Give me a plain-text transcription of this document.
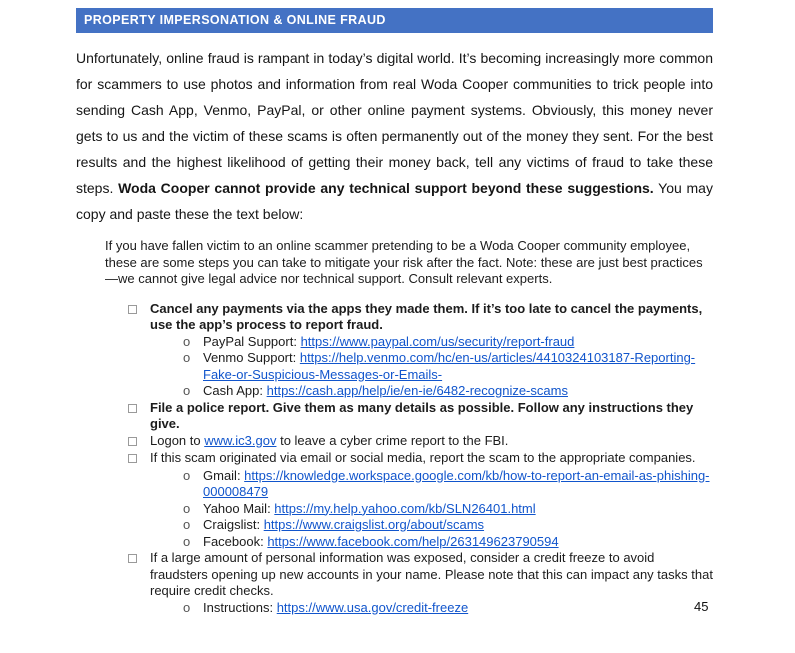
PROPERTY IMPERSONATION & ONLINE FRAUD
Unfortunately, online fraud is rampant in today’s digital world. It’s becoming increasingly more common for scammers to use photos and information from real Woda Cooper communities to trick people into sending Cash App, Venmo, PayPal, or other online payment systems. Obviously, this money never gets to us and the victim of these scams is often permanently out of the money they sent. For the best results and the highest likelihood of getting their money back, tell any victims of fraud to take these steps. Woda Cooper cannot provide any technical support beyond these suggestions. You may copy and paste these the text below:
If you have fallen victim to an online scammer pretending to be a Woda Cooper community employee, these are some steps you can take to mitigate your risk after the fact. Note: these are just best practices—we cannot give legal advice nor technical support. Consult relevant experts.
Cancel any payments via the apps they made them. If it’s too late to cancel the payments, use the app’s process to report fraud.
o PayPal Support: https://www.paypal.com/us/security/report-fraud
o Venmo Support: https://help.venmo.com/hc/en-us/articles/4410324103187-Reporting-Fake-or-Suspicious-Messages-or-Emails-
o Cash App: https://cash.app/help/ie/en-ie/6482-recognize-scams
File a police report. Give them as many details as possible. Follow any instructions they give.
Logon to www.ic3.gov to leave a cyber crime report to the FBI.
If this scam originated via email or social media, report the scam to the appropriate companies.
o Gmail: https://knowledge.workspace.google.com/kb/how-to-report-an-email-as-phishing-000008479
o Yahoo Mail: https://my.help.yahoo.com/kb/SLN26401.html
o Craigslist: https://www.craigslist.org/about/scams
o Facebook: https://www.facebook.com/help/263149623790594
If a large amount of personal information was exposed, consider a credit freeze to avoid fraudsters opening up new accounts in your name. Please note that this can impact any tasks that require credit checks.
o Instructions: https://www.usa.gov/credit-freeze	45
